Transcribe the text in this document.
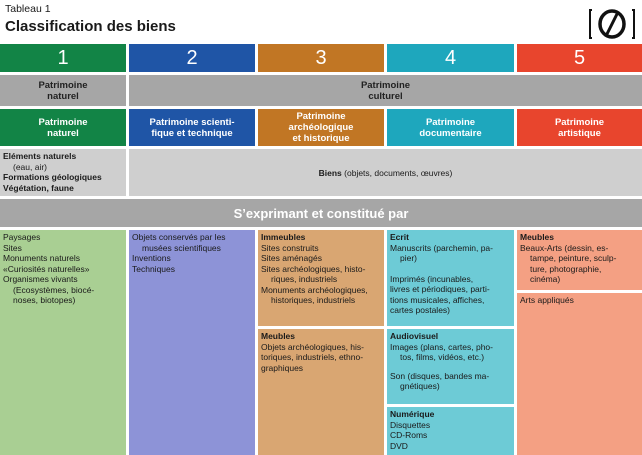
Tableau 1
Classification des biens
1	2	3	4	5
Patrimoine
naturel
Patrimoine
culturel
Patrimoine
naturel
Patrimoine scienti-
fique et technique
Patrimoine
archéologique
et historique
Patrimoine
documentaire
Patrimoine
artistique
Eléments naturels
(eau, air)
Formations géologiques
Végétation, faune
Biens (objets, documents, œuvres)
S’exprimant et constitué par
Paysages
Sites
Monuments naturels
«Curiosités naturelles»
Organismes vivants
(Ecosystèmes, biocé-
noses, biotopes)
Objets conservés par les
musées scientifiques
Inventions
Techniques
Immeubles
Sites construits
Sites aménagés
Sites archéologiques, histo-
riques, industriels
Monuments archéologiques,
historiques, industriels
Meubles
Objets archéologiques, his-
toriques, industriels, ethno-
graphiques
Ecrit
Manuscrits (parchemin, pa-
pier)
Imprimés (incunables,
livres et périodiques, parti-
tions musicales, affiches,
cartes postales)
Audiovisuel
Images (plans, cartes, pho-
tos, films, vidéos, etc.)
Son (disques, bandes ma-
gnétiques)
Numérique
Disquettes
CD-Roms
DVD
Meubles
Beaux-Arts (dessin, es-
tampe, peinture, sculp-
ture, photographie,
cinéma)
Arts appliqués
